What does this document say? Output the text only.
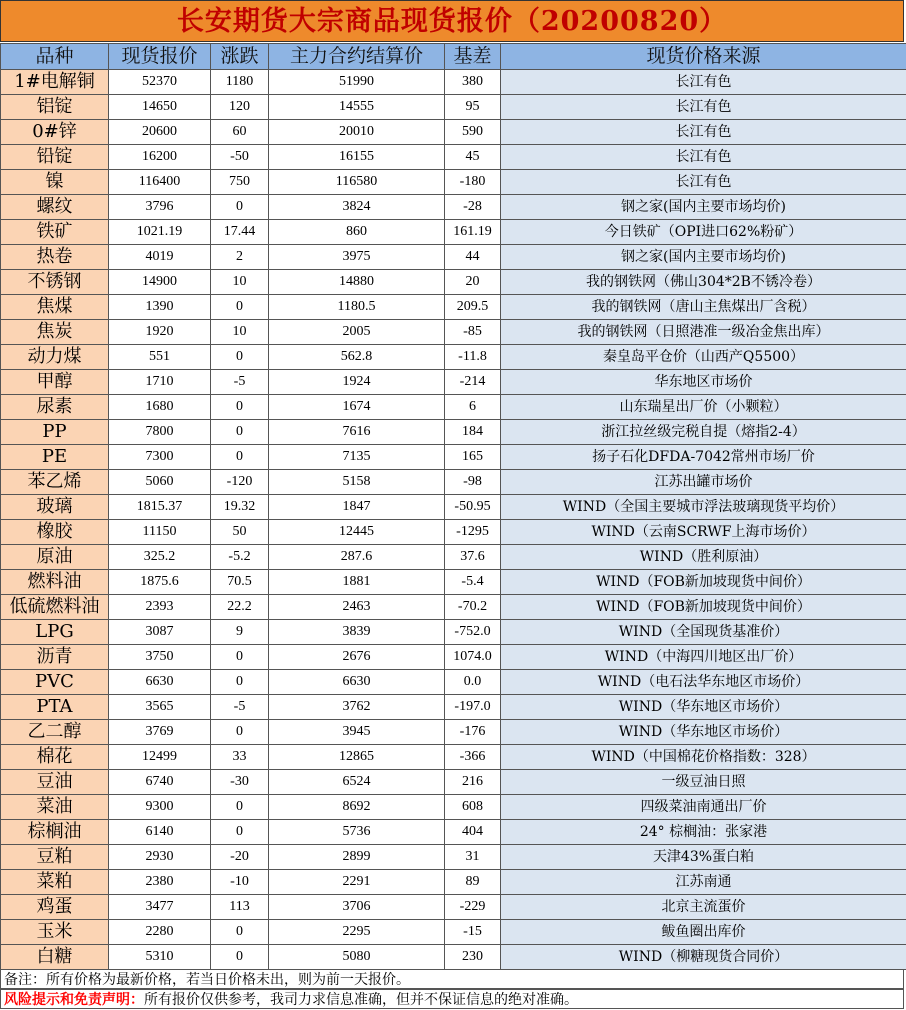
长安期货大宗商品现货报价（20200820）
品种	现货报价	涨跌	主力合约结算价	基差	现货价格来源
1#电解铜	52370	1180	51990	380	长江有色
铝锭	14650	120	14555	95	长江有色
0#锌	20600	60	20010	590	长江有色
铅锭	16200	-50	16155	45	长江有色
镍	116400	750	116580	-180	长江有色
螺纹	3796	0	3824	-28	钢之家(国内主要市场均价)
铁矿	1021.19	17.44	860	161.19	今日铁矿（OPI进口62%粉矿）
热卷	4019	2	3975	44	钢之家(国内主要市场均价)
不锈钢	14900	10	14880	20	我的钢铁网（佛山304*2B不锈冷卷）
焦煤	1390	0	1180.5	209.5	我的钢铁网（唐山主焦煤出厂含税）
焦炭	1920	10	2005	-85	我的钢铁网（日照港准一级冶金焦出库）
动力煤	551	0	562.8	-11.8	秦皇岛平仓价（山西产Q5500）
甲醇	1710	-5	1924	-214	华东地区市场价
尿素	1680	0	1674	6	山东瑞星出厂价（小颗粒）
PP	7800	0	7616	184	浙江拉丝级完税自提（熔指2-4）
PE	7300	0	7135	165	扬子石化DFDA-7042常州市场厂价
苯乙烯	5060	-120	5158	-98	江苏出罐市场价
玻璃	1815.37	19.32	1847	-50.95	WIND（全国主要城市浮法玻璃现货平均价）
橡胶	11150	50	12445	-1295	WIND（云南SCRWF上海市场价）
原油	325.2	-5.2	287.6	37.6	WIND（胜利原油）
燃料油	1875.6	70.5	1881	-5.4	WIND（FOB新加坡现货中间价）
低硫燃料油	2393	22.2	2463	-70.2	WIND（FOB新加坡现货中间价）
LPG	3087	9	3839	-752.0	WIND（全国现货基准价）
沥青	3750	0	2676	1074.0	WIND（中海四川地区出厂价）
PVC	6630	0	6630	0.0	WIND（电石法华东地区市场价）
PTA	3565	-5	3762	-197.0	WIND（华东地区市场价）
乙二醇	3769	0	3945	-176	WIND（华东地区市场价）
棉花	12499	33	12865	-366	WIND（中国棉花价格指数：328）
豆油	6740	-30	6524	216	一级豆油日照
菜油	9300	0	8692	608	四级菜油南通出厂价
棕榈油	6140	0	5736	404	24° 棕榈油：张家港
豆粕	2930	-20	2899	31	天津43%蛋白粕
菜粕	2380	-10	2291	89	江苏南通
鸡蛋	3477	113	3706	-229	北京主流蛋价
玉米	2280	0	2295	-15	鲅鱼圈出库价
白糖	5310	0	5080	230	WIND（柳糖现货合同价）
备注：所有价格为最新价格，若当日价格未出，则为前一天报价。
风险提示和免责声明：所有报价仅供参考，我司力求信息准确，但并不保证信息的绝对准确。
